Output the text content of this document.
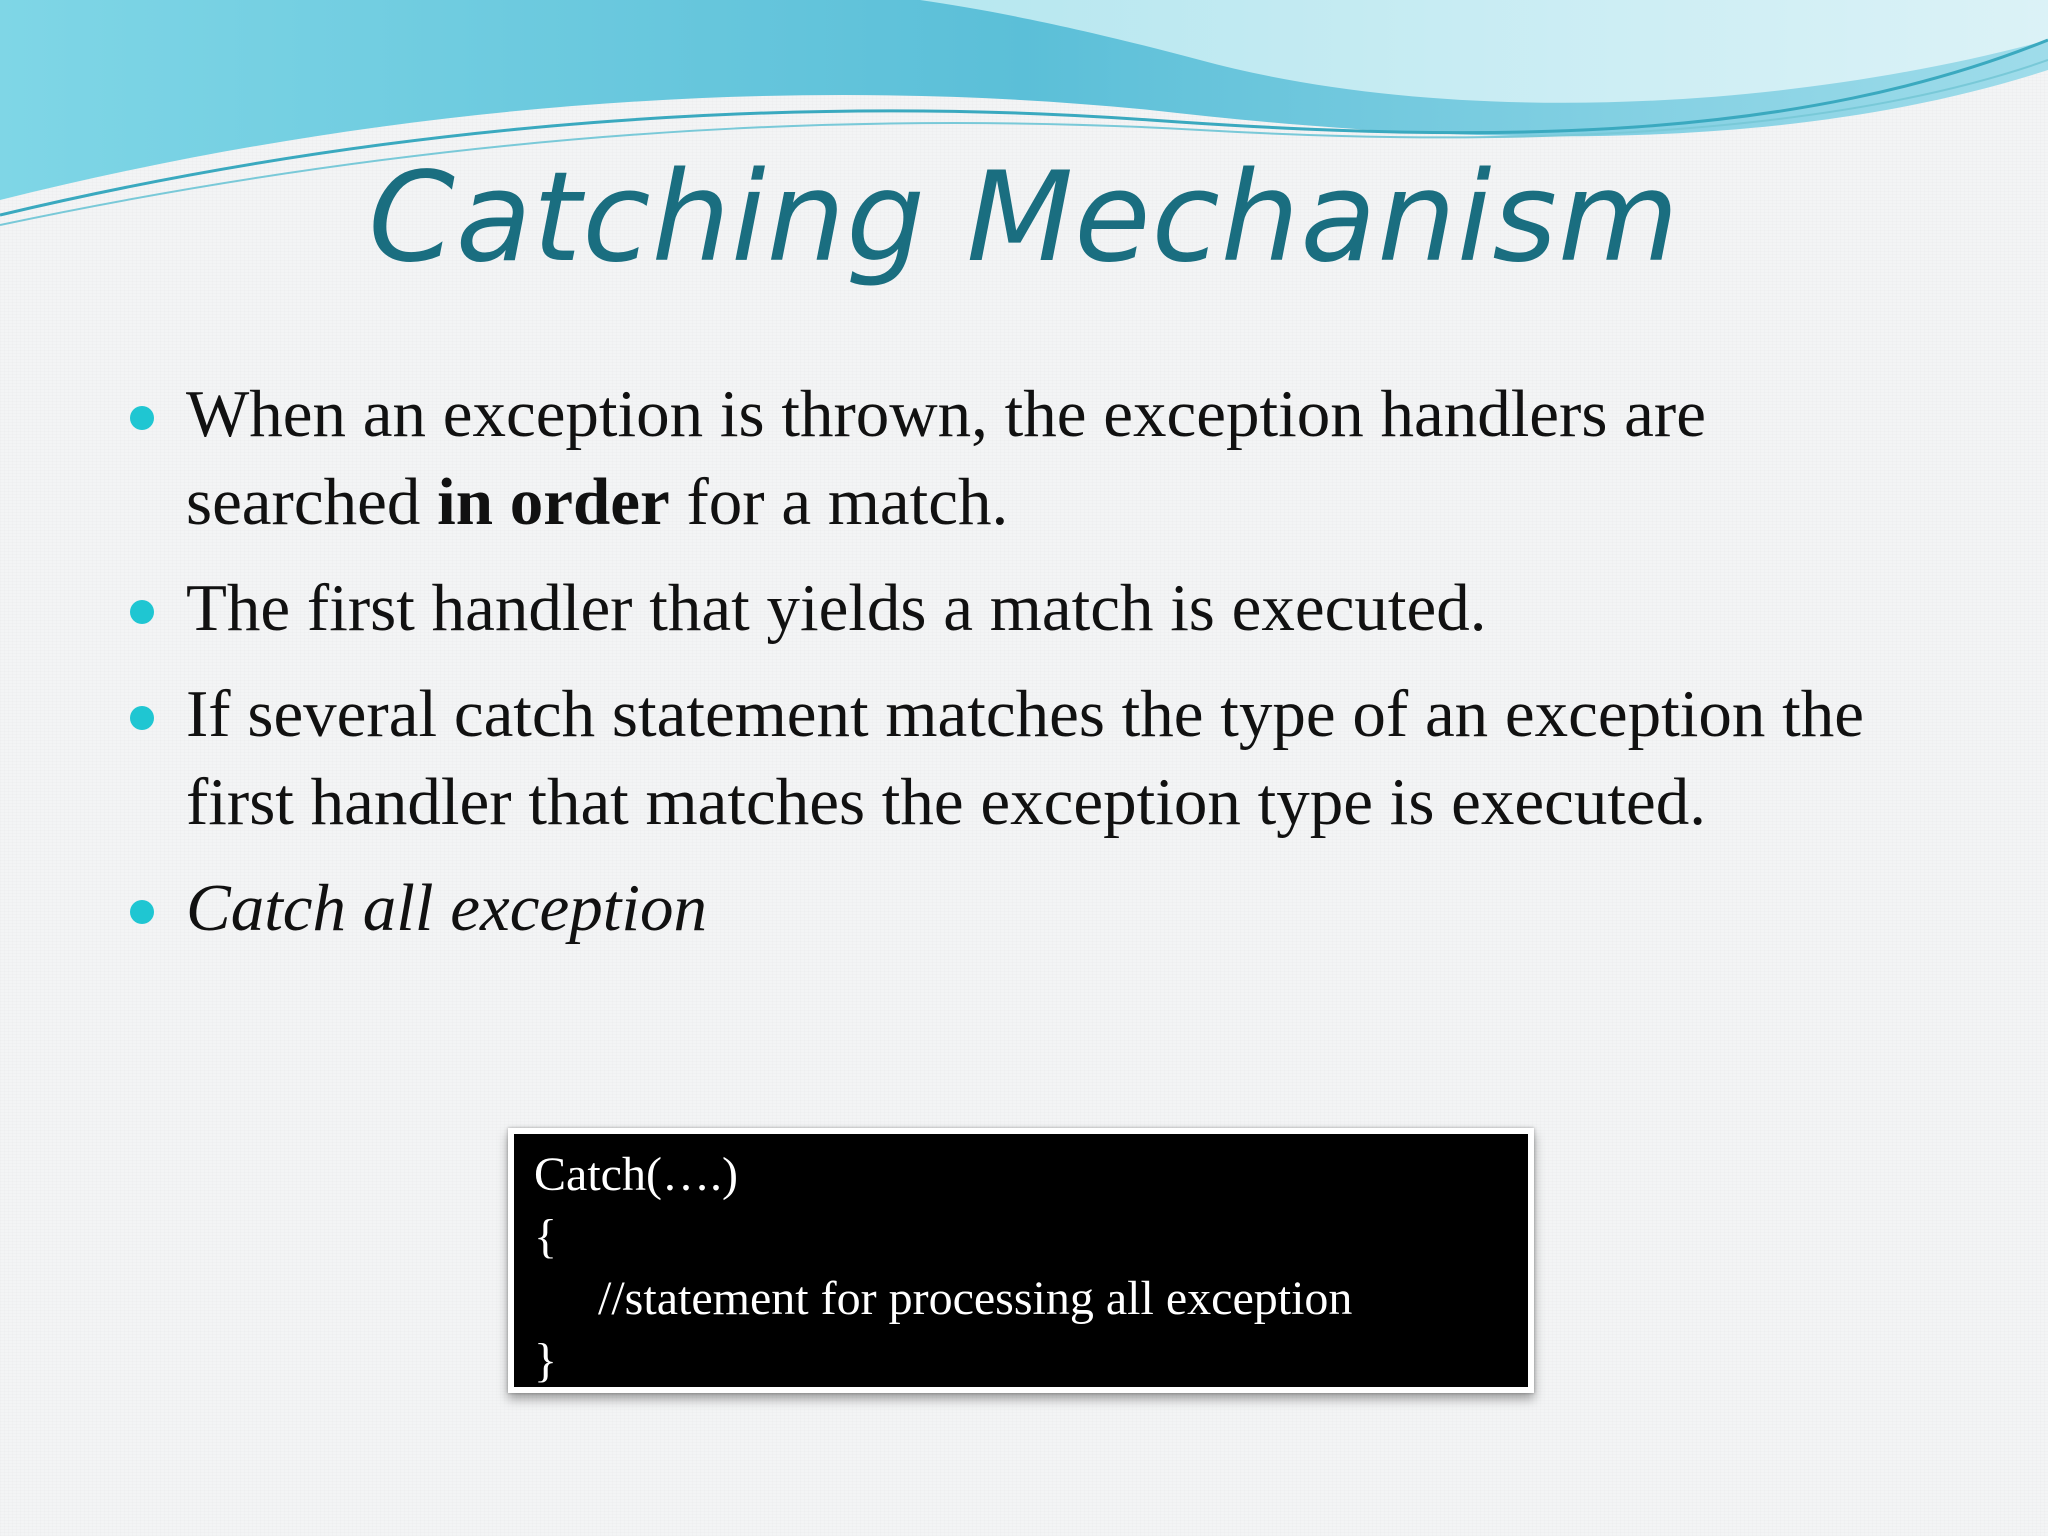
Catching Mechanism
When an exception is thrown, the exception handlers are searched in order for a match.
The first handler that yields a match is executed.
If several catch statement matches the type of an exception the first handler that matches the exception type is executed.
Catch all exception
Catch(….)
{
//statement for processing all exception
}
